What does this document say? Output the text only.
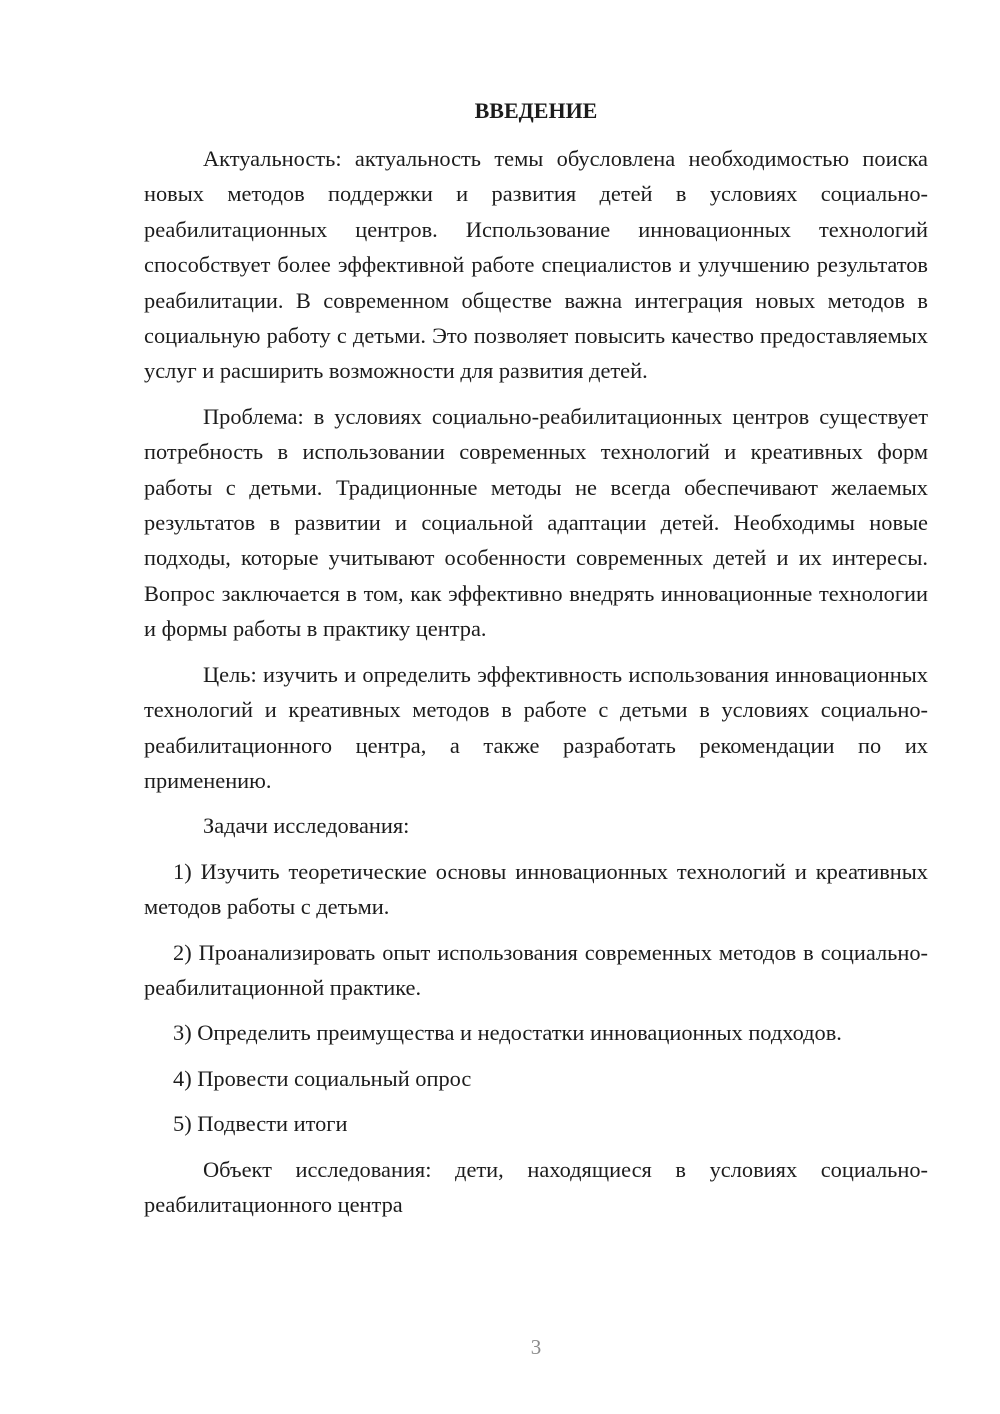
ВВЕДЕНИЕ

Актуальность: актуальность темы обусловлена необходимостью поиска новых методов поддержки и развития детей в условиях социально-реабилитационных центров. Использование инновационных технологий способствует более эффективной работе специалистов и улучшению результатов реабилитации. В современном обществе важна интеграция новых методов в социальную работу с детьми. Это позволяет повысить качество предоставляемых услуг и расширить возможности для развития детей.

Проблема: в условиях социально-реабилитационных центров существует потребность в использовании современных технологий и креативных форм работы с детьми. Традиционные методы не всегда обеспечивают желаемых результатов в развитии и социальной адаптации детей. Необходимы новые подходы, которые учитывают особенности современных детей и их интересы. Вопрос заключается в том, как эффективно внедрять инновационные технологии и формы работы в практику центра.

Цель: изучить и определить эффективность использования инновационных технологий и креативных методов в работе с детьми в условиях социально-реабилитационного центра, а также разработать рекомендации по их применению.

Задачи исследования:

1) Изучить теоретические основы инновационных технологий и креативных методов работы с детьми.

2) Проанализировать опыт использования современных методов в социально-реабилитационной практике.

3) Определить преимущества и недостатки инновационных подходов.

4) Провести социальный опрос

5) Подвести итоги

Объект исследования: дети, находящиеся в условиях социально-реабилитационного центра

3
